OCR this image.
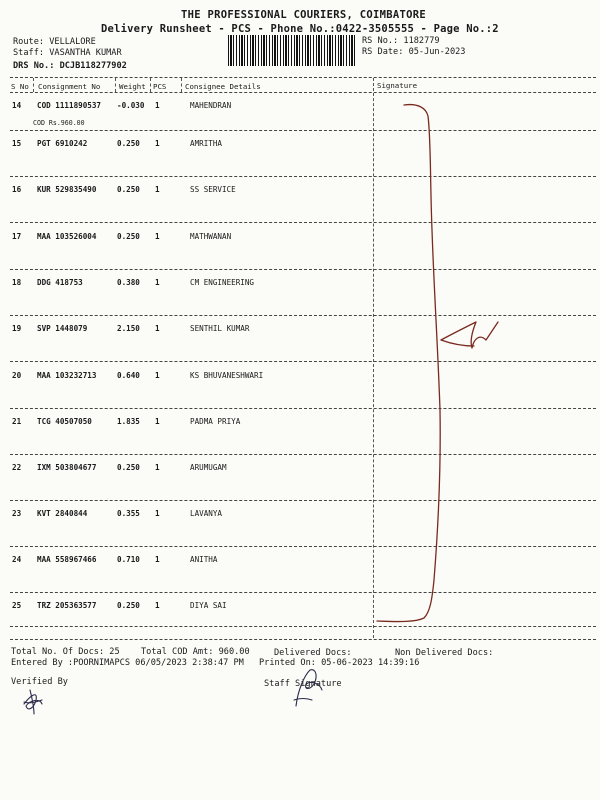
THE PROFESSIONAL COURIERS, COIMBATORE
Delivery Runsheet - PCS - Phone No.:0422-3505555 - Page No.:2
Route: VELLALORE
Staff: VASANTHA KUMAR
DRS No.: DCJB118277902
RS No.: 1182779
RS Date: 05-Jun-2023
S No Consignment No	Weight PCS	Consignee Details	Signature
14 COD 1111890537 -0.030 1	MAHENDRAN
COD Rs.960.00
15 PGT 6910242	0.250 1	AMRITHA
16 KUR 529835490	0.250 1	SS SERVICE
17 MAA 103526004	0.250 1	MATHWANAN
18 DDG 418753	0.380 1	CM ENGINEERING
19 SVP 1448079	2.150 1	SENTHIL KUMAR
20 MAA 103232713	0.640 1	KS BHUVANESHWARI
21 TCG 40507050	1.835 1	PADMA PRIYA
22 IXM 503804677	0.250 1	ARUMUGAM
23 KVT 2840844	0.355 1	LAVANYA
24 MAA 558967466	0.710 1	ANITHA
25 TRZ 205363577	0.250 1	DIYA SAI
Total No. Of Docs: 25 Total COD Amt: 960.00	Delivered Docs:	Non Delivered Docs:
Entered By :POORNIMAPCS 06/05/2023 2:38:47 PM Printed On: 05-06-2023 14:39:16
Verified By	Staff Signature
